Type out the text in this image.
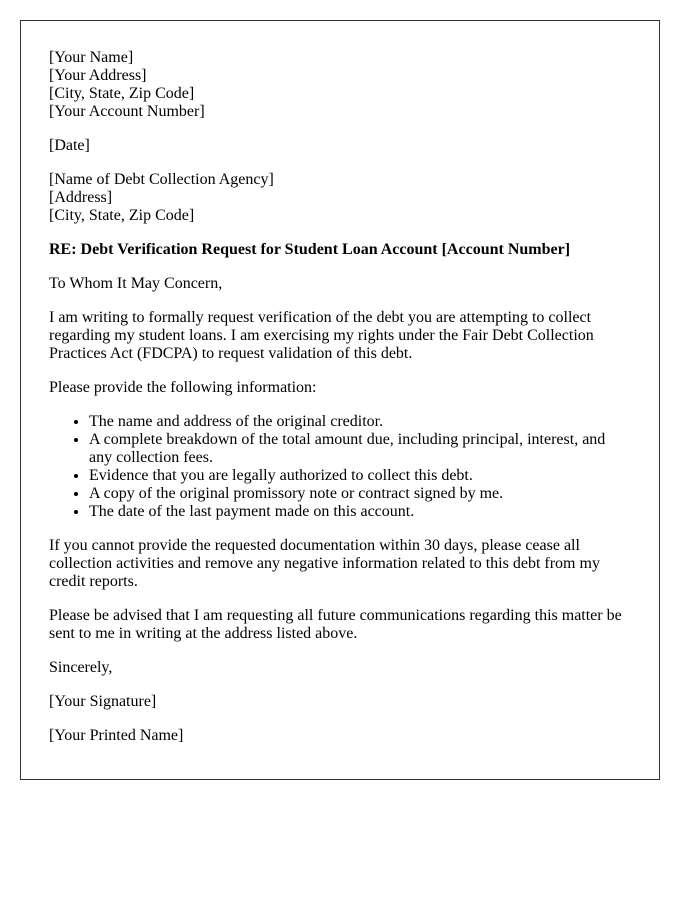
[Your Name]
[Your Address]
[City, State, Zip Code]
[Your Account Number]
[Date]
[Name of Debt Collection Agency]
[Address]
[City, State, Zip Code]

RE: Debt Verification Request for Student Loan Account [Account Number]

To Whom It May Concern,

I am writing to formally request verification of the debt you are attempting to collect regarding my student loans. I am exercising my rights under the Fair Debt Collection Practices Act (FDCPA) to request validation of this debt.

Please provide the following information:

• The name and address of the original creditor.
• A complete breakdown of the total amount due, including principal, interest, and any collection fees.
• Evidence that you are legally authorized to collect this debt.
• A copy of the original promissory note or contract signed by me.
• The date of the last payment made on this account.

If you cannot provide the requested documentation within 30 days, please cease all collection activities and remove any negative information related to this debt from my credit reports.

Please be advised that I am requesting all future communications regarding this matter be sent to me in writing at the address listed above.

Sincerely,

[Your Signature]

[Your Printed Name]
